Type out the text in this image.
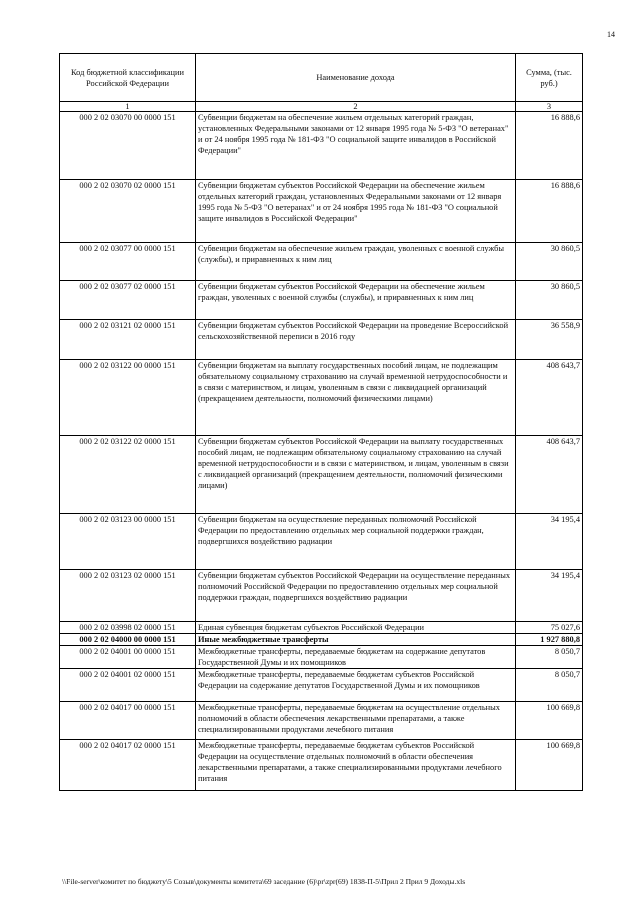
14
Код бюджетной классификации Российской Федерации	Наименование дохода	Сумма, (тыс. руб.)
1	2	3
000 2 02 03070 00 0000 151	Субвенции бюджетам на обеспечение жильем отдельных категорий граждан, установленных Федеральными законами от 12 января 1995 года № 5-ФЗ "О ветеранах" и от 24 ноября 1995 года № 181-ФЗ "О социальной защите инвалидов в Российской Федерации"	16 888,6
000 2 02 03070 02 0000 151	Субвенции бюджетам субъектов Российской Федерации на обеспечение жильем отдельных категорий граждан, установленных Федеральными законами от 12 января 1995 года № 5-ФЗ "О ветеранах" и от 24 ноября 1995 года № 181-ФЗ "О социальной защите инвалидов в Российской Федерации"	16 888,6
000 2 02 03077 00 0000 151	Субвенции бюджетам на обеспечение жильем граждан, уволенных с военной службы (службы), и приравненных к ним лиц	30 860,5
000 2 02 03077 02 0000 151	Субвенции бюджетам субъектов Российской Федерации на обеспечение жильем граждан, уволенных с военной службы (службы), и приравненных к ним лиц	30 860,5
000 2 02 03121 02 0000 151	Субвенции бюджетам субъектов Российской Федерации на проведение Всероссийской сельскохозяйственной переписи в 2016 году	36 558,9
000 2 02 03122 00 0000 151	Субвенции бюджетам на выплату государственных пособий лицам, не подлежащим обязательному социальному страхованию на случай временной нетрудоспособности и в связи с материнством, и лицам, уволенным в связи с ликвидацией организаций (прекращением деятельности, полномочий физическими лицами)	408 643,7
000 2 02 03122 02 0000 151	Субвенции бюджетам субъектов Российской Федерации на выплату государственных пособий лицам, не подлежащим обязательному социальному страхованию на случай временной нетрудоспособности и в связи с материнством, и лицам, уволенным в связи с ликвидацией организаций (прекращением деятельности, полномочий физическими лицами)	408 643,7
000 2 02 03123 00 0000 151	Субвенции бюджетам на осуществление переданных полномочий Российской Федерации по предоставлению отдельных мер социальной поддержки граждан, подвергшихся воздействию радиации	34 195,4
000 2 02 03123 02 0000 151	Субвенции бюджетам субъектов Российской Федерации на осуществление переданных полномочий Российской Федерации по предоставлению отдельных мер социальной поддержки граждан, подвергшихся воздействию радиации	34 195,4
000 2 02 03998 02 0000 151	Единая субвенция бюджетам субъектов Российской Федерации	75 027,6
000 2 02 04000 00 0000 151	Иные межбюджетные трансферты	1 927 880,8
000 2 02 04001 00 0000 151	Межбюджетные трансферты, передаваемые бюджетам на содержание депутатов Государственной Думы и их помощников	8 050,7
000 2 02 04001 02 0000 151	Межбюджетные трансферты, передаваемые бюджетам субъектов Российской Федерации на содержание депутатов Государственной Думы и их помощников	8 050,7
000 2 02 04017 00 0000 151	Межбюджетные трансферты, передаваемые бюджетам на осуществление отдельных полномочий в области обеспечения лекарственными препаратами, а также специализированными продуктами лечебного питания	100 669,8
000 2 02 04017 02 0000 151	Межбюджетные трансферты, передаваемые бюджетам субъектов Российской Федерации на осуществление отдельных полномочий в области обеспечения лекарственными препаратами, а также специализированными продуктами лечебного питания	100 669,8
\\File-server\комитет по бюджету\5 Созыв\документы комитета\69 заседание (6)\pr\zpr(69) 1838-П-5\Прил 2 Прил 9 Доходы.xls
